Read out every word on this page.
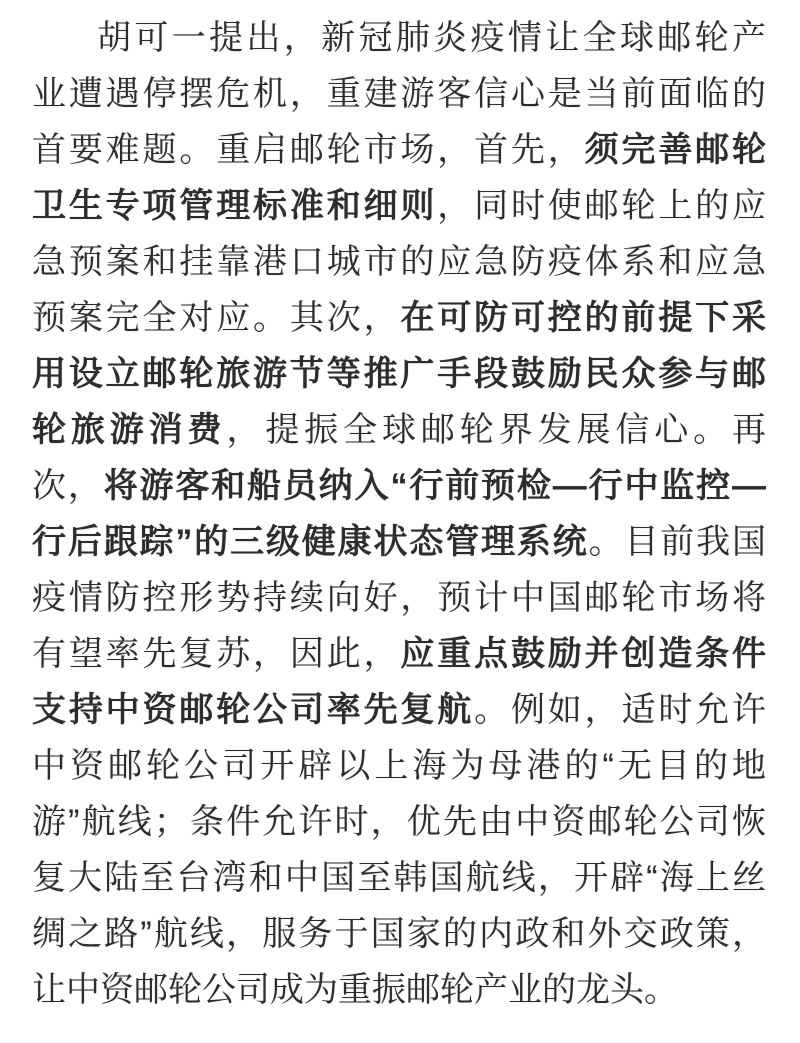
胡可一提出，新冠肺炎疫情让全球邮轮产
业遭遇停摆危机，重建游客信心是当前面临的
首要难题。重启邮轮市场，首先，须完善邮轮
卫生专项管理标准和细则，同时使邮轮上的应
急预案和挂靠港口城市的应急防疫体系和应急
预案完全对应。其次，在可防可控的前提下采
用设立邮轮旅游节等推广手段鼓励民众参与邮
轮旅游消费，提振全球邮轮界发展信心。再
次，将游客和船员纳入“行前预检—行中监控—
行后跟踪”的三级健康状态管理系统。目前我国
疫情防控形势持续向好，预计中国邮轮市场将
有望率先复苏，因此，应重点鼓励并创造条件
支持中资邮轮公司率先复航。例如，适时允许
中资邮轮公司开辟以上海为母港的“无目的地
游”航线；条件允许时，优先由中资邮轮公司恢
复大陆至台湾和中国至韩国航线，开辟“海上丝
绸之路”航线，服务于国家的内政和外交政策，
让中资邮轮公司成为重振邮轮产业的龙头。
